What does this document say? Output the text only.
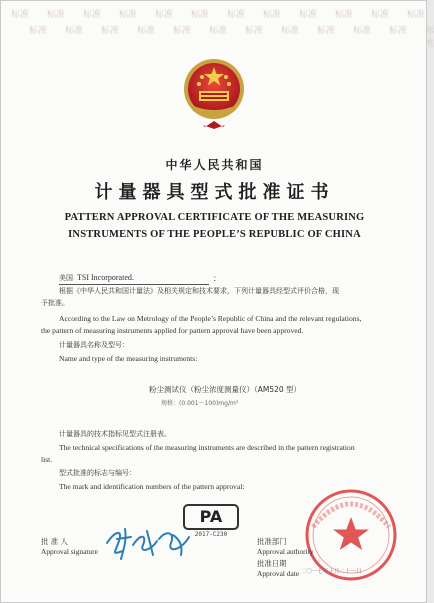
标准 标准 标准 标准 标准 标准 标准 标准 标准 标准 标准 标准
标准 标准 标准 标准 标准 标准 标准 标准 标准 标准 标准 标准
中华人民共和国
计量器具型式批准证书
PATTERN APPROVAL CERTIFICATE OF THE MEASURING
INSTRUMENTS OF THE PEOPLE’S REPUBLIC OF CHINA
美国 TSI Incorporated.	：
根据《中华人民共和国计量法》及相关规定和技术要求，下列计量器具经型式评价合格，现
予批准。
According to the Law on Metrology of the People’s Republic of China and the relevant regulations,
the pattern of measuring instruments applied for pattern approval have been approved.
计量器具名称及型号：
Name and type of the measuring instruments:
粉尘测试仪（粉尘浓度测量仪）（AM520 型）
规格：(0.001～100)mg/m³
计量器具的技术指标见型式注册表。
The technical specifications of the measuring instruments are described in the pattern registration
list.
型式批准的标志与编号：
The mark and identification numbers of the pattern approval:
PA
2017-C230
批 准 人
Approval signature
批准部门
Approval authority
批准日期
Approval date 二〇一七年十月二十一日
